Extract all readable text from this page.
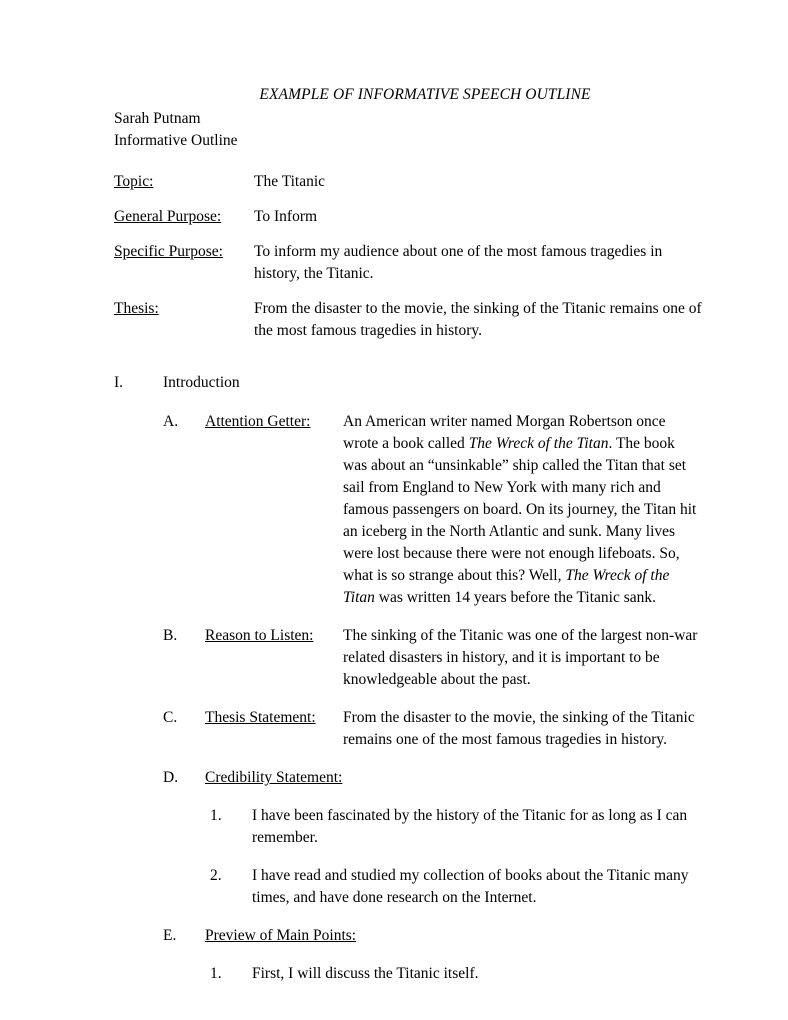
EXAMPLE OF INFORMATIVE SPEECH OUTLINE
Sarah Putnam
Informative Outline
Topic:	The Titanic
General Purpose:	To Inform
Specific Purpose:	To inform my audience about one of the most famous tragedies in history, the Titanic.
Thesis:	From the disaster to the movie, the sinking of the Titanic remains one of the most famous tragedies in history.
I.	Introduction
A.	Attention Getter:	An American writer named Morgan Robertson once wrote a book called The Wreck of the Titan. The book was about an “unsinkable” ship called the Titan that set sail from England to New York with many rich and famous passengers on board. On its journey, the Titan hit an iceberg in the North Atlantic and sunk. Many lives were lost because there were not enough lifeboats. So, what is so strange about this? Well, The Wreck of the Titan was written 14 years before the Titanic sank.
B.	Reason to Listen:	The sinking of the Titanic was one of the largest non-war related disasters in history, and it is important to be knowledgeable about the past.
C.	Thesis Statement:	From the disaster to the movie, the sinking of the Titanic remains one of the most famous tragedies in history.
D.	Credibility Statement:
1.	I have been fascinated by the history of the Titanic for as long as I can remember.
2.	I have read and studied my collection of books about the Titanic many times, and have done research on the Internet.
E.	Preview of Main Points:
1.	First, I will discuss the Titanic itself.
